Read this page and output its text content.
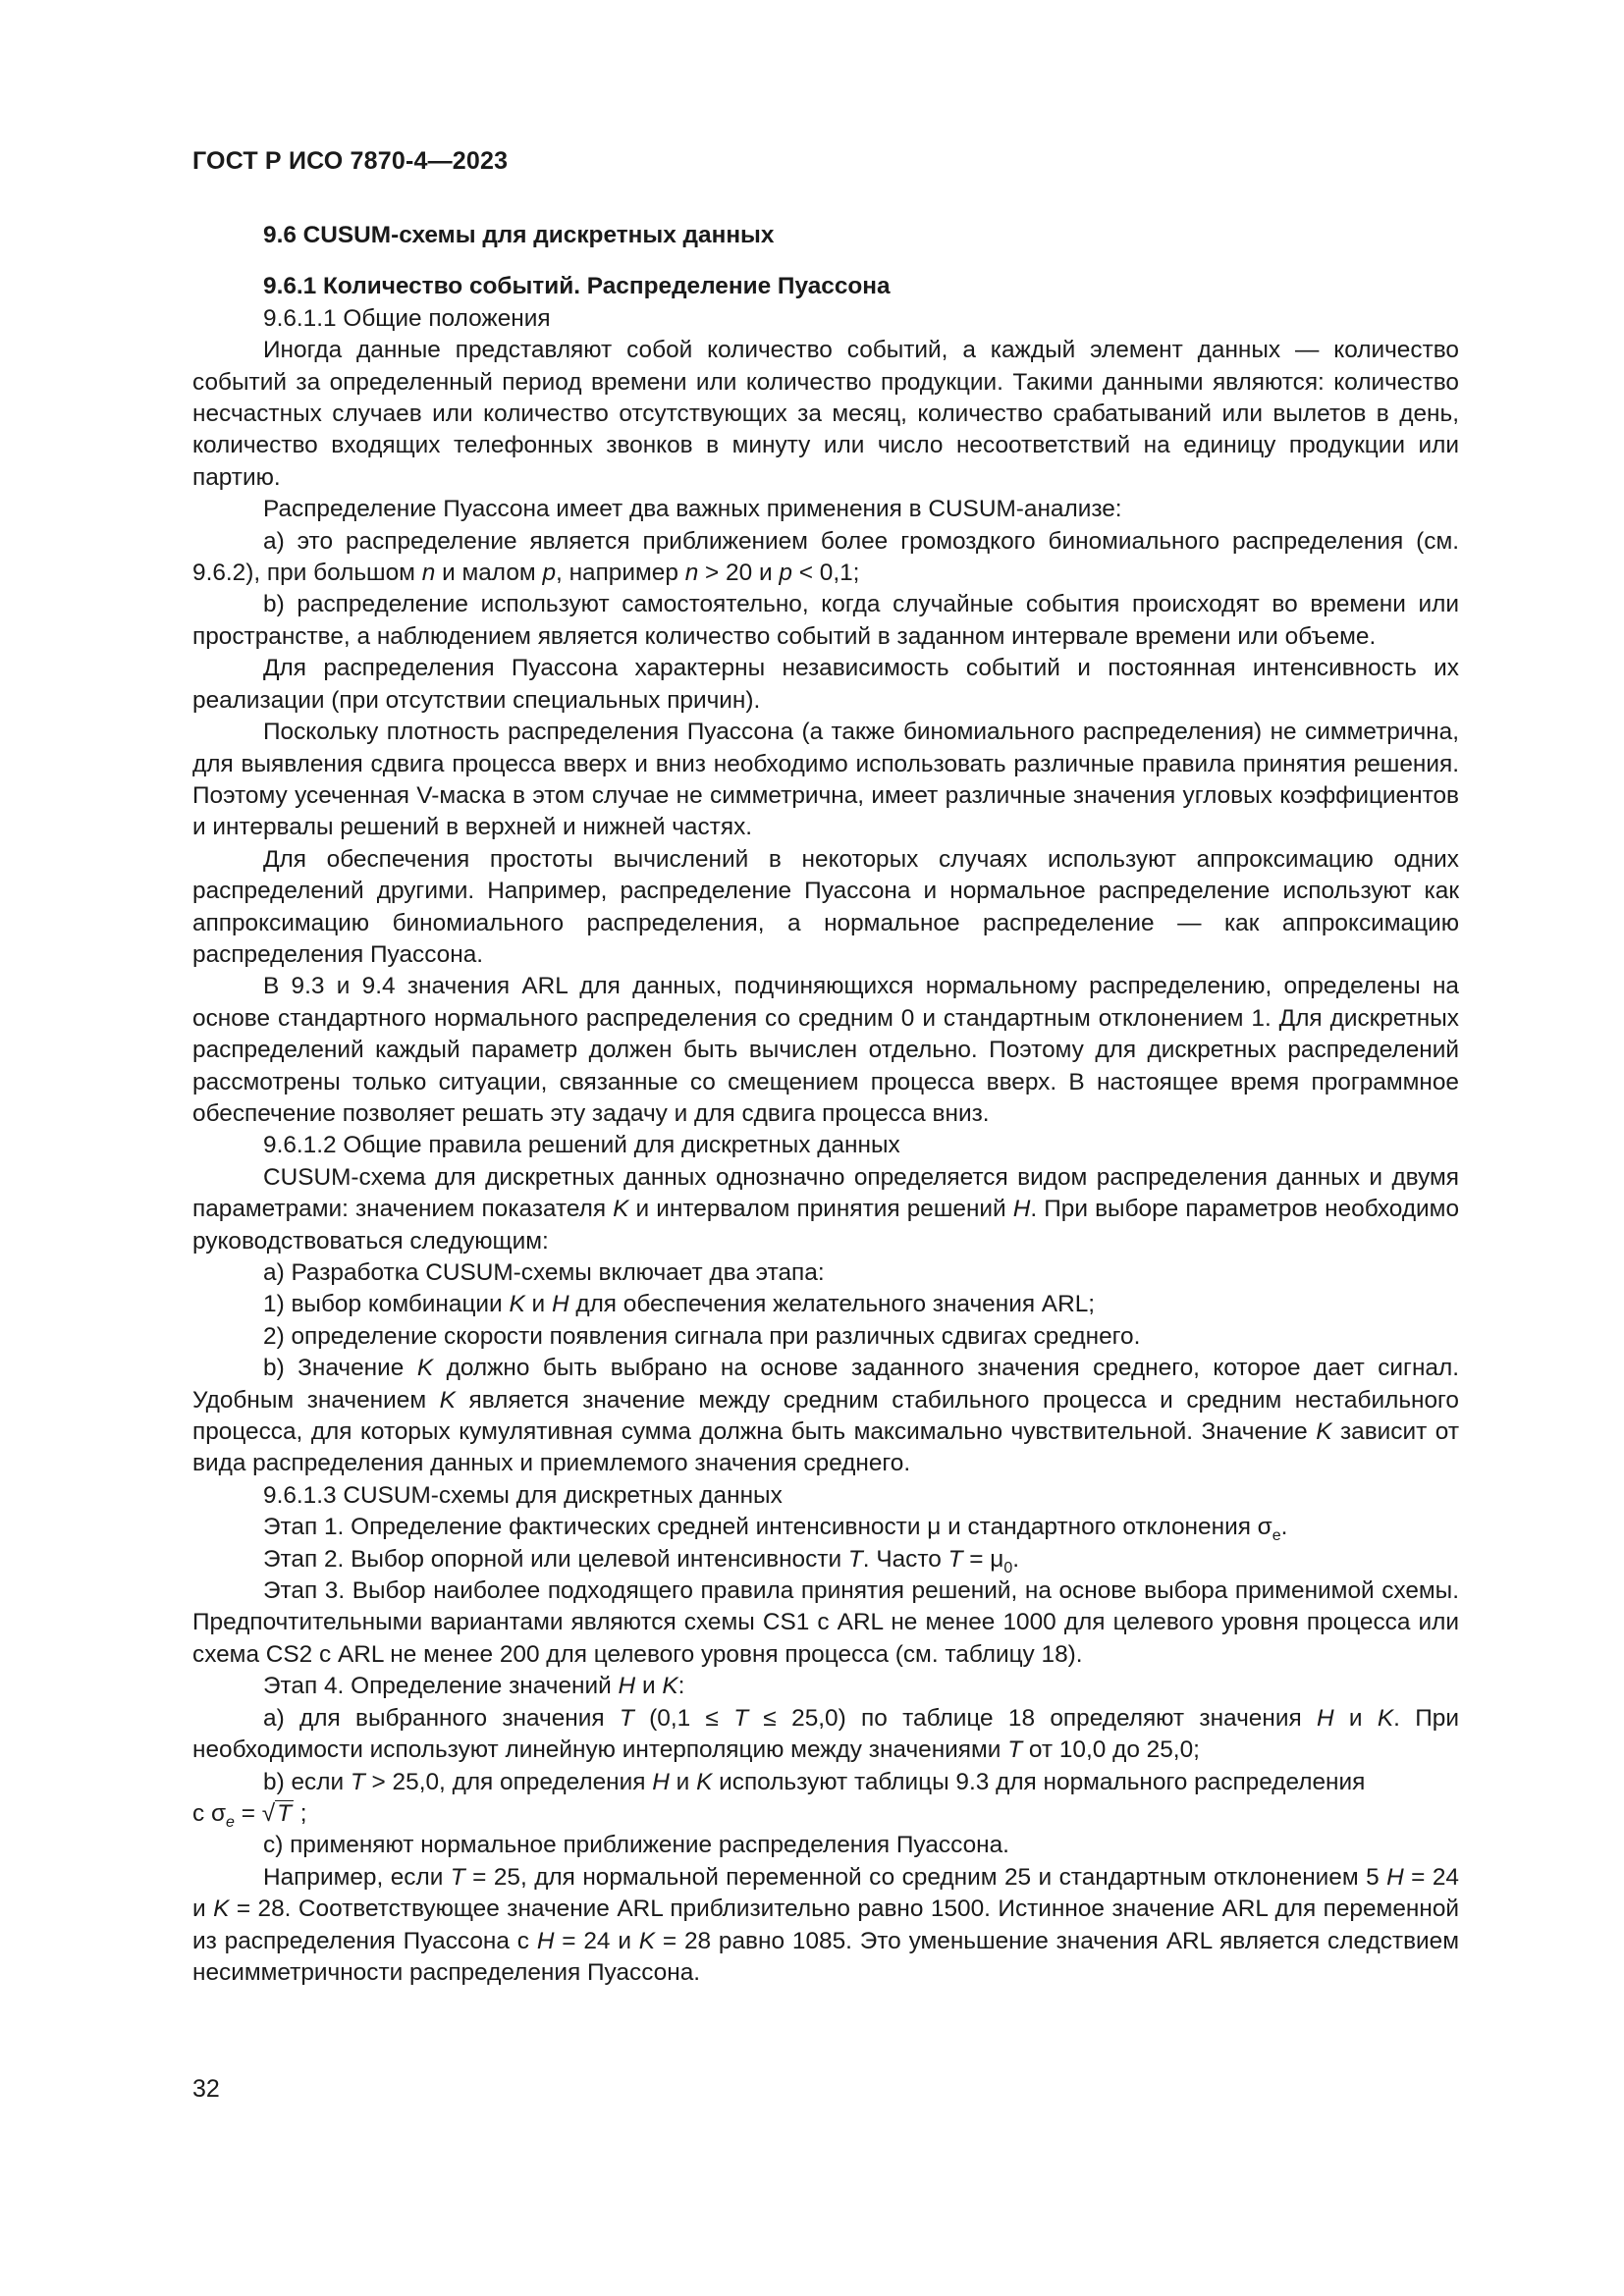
ГОСТ Р ИСО 7870-4—2023

9.6 CUSUM-схемы для дискретных данных

9.6.1 Количество событий. Распределение Пуассона

9.6.1.1 Общие положения

Иногда данные представляют собой количество событий, а каждый элемент данных — количество событий за определенный период времени или количество продукции. Такими данными являются: количество несчастных случаев или количество отсутствующих за месяц, количество срабатываний или вылетов в день, количество входящих телефонных звонков в минуту или число несоответствий на единицу продукции или партию.

Распределение Пуассона имеет два важных применения в CUSUM-анализе:

a) это распределение является приближением более громоздкого биномиального распределения (см. 9.6.2), при большом n и малом p, например n > 20 и p < 0,1;

b) распределение используют самостоятельно, когда случайные события происходят во времени или пространстве, а наблюдением является количество событий в заданном интервале времени или объеме.

Для распределения Пуассона характерны независимость событий и постоянная интенсивность их реализации (при отсутствии специальных причин).

Поскольку плотность распределения Пуассона (а также биномиального распределения) не симметрична, для выявления сдвига процесса вверх и вниз необходимо использовать различные правила принятия решения. Поэтому усеченная V-маска в этом случае не симметрична, имеет различные значения угловых коэффициентов и интервалы решений в верхней и нижней частях.

Для обеспечения простоты вычислений в некоторых случаях используют аппроксимацию одних распределений другими. Например, распределение Пуассона и нормальное распределение используют как аппроксимацию биномиального распределения, а нормальное распределение — как аппроксимацию распределения Пуассона.

В 9.3 и 9.4 значения ARL для данных, подчиняющихся нормальному распределению, определены на основе стандартного нормального распределения со средним 0 и стандартным отклонением 1. Для дискретных распределений каждый параметр должен быть вычислен отдельно. Поэтому для дискретных распределений рассмотрены только ситуации, связанные со смещением процесса вверх. В настоящее время программное обеспечение позволяет решать эту задачу и для сдвига процесса вниз.

9.6.1.2 Общие правила решений для дискретных данных

CUSUM-схема для дискретных данных однозначно определяется видом распределения данных и двумя параметрами: значением показателя K и интервалом принятия решений H. При выборе параметров необходимо руководствоваться следующим:

a) Разработка CUSUM-схемы включает два этапа:

1) выбор комбинации K и H для обеспечения желательного значения ARL;

2) определение скорости появления сигнала при различных сдвигах среднего.

b) Значение K должно быть выбрано на основе заданного значения среднего, которое дает сигнал. Удобным значением K является значение между средним стабильного процесса и средним нестабильного процесса, для которых кумулятивная сумма должна быть максимально чувствительной. Значение K зависит от вида распределения данных и приемлемого значения среднего.

9.6.1.3 CUSUM-схемы для дискретных данных

Этап 1. Определение фактических средней интенсивности μ и стандартного отклонения $\sigma_e$.

Этап 2. Выбор опорной или целевой интенсивности T. Часто $T = \mu_0$.

Этап 3. Выбор наиболее подходящего правила принятия решений, на основе выбора применимой схемы. Предпочтительными вариантами являются схемы CS1 с ARL не менее 1000 для целевого уровня процесса или схема CS2 с ARL не менее 200 для целевого уровня процесса (см. таблицу 18).

Этап 4. Определение значений H и K:

a) для выбранного значения T (0,1 ≤ T ≤ 25,0) по таблице 18 определяют значения H и K. При необходимости используют линейную интерполяцию между значениями T от 10,0 до 25,0;

b) если T > 25,0, для определения H и K используют таблицы 9.3 для нормального распределения

с $\sigma_e = √T$ ;

c) применяют нормальное приближение распределения Пуассона.

Например, если T = 25, для нормальной переменной со средним 25 и стандартным отклонением 5 H = 24 и K = 28. Соответствующее значение ARL приблизительно равно 1500. Истинное значение ARL для переменной из распределения Пуассона с H = 24 и K = 28 равно 1085. Это уменьшение значения ARL является следствием несимметричности распределения Пуассона.

32
